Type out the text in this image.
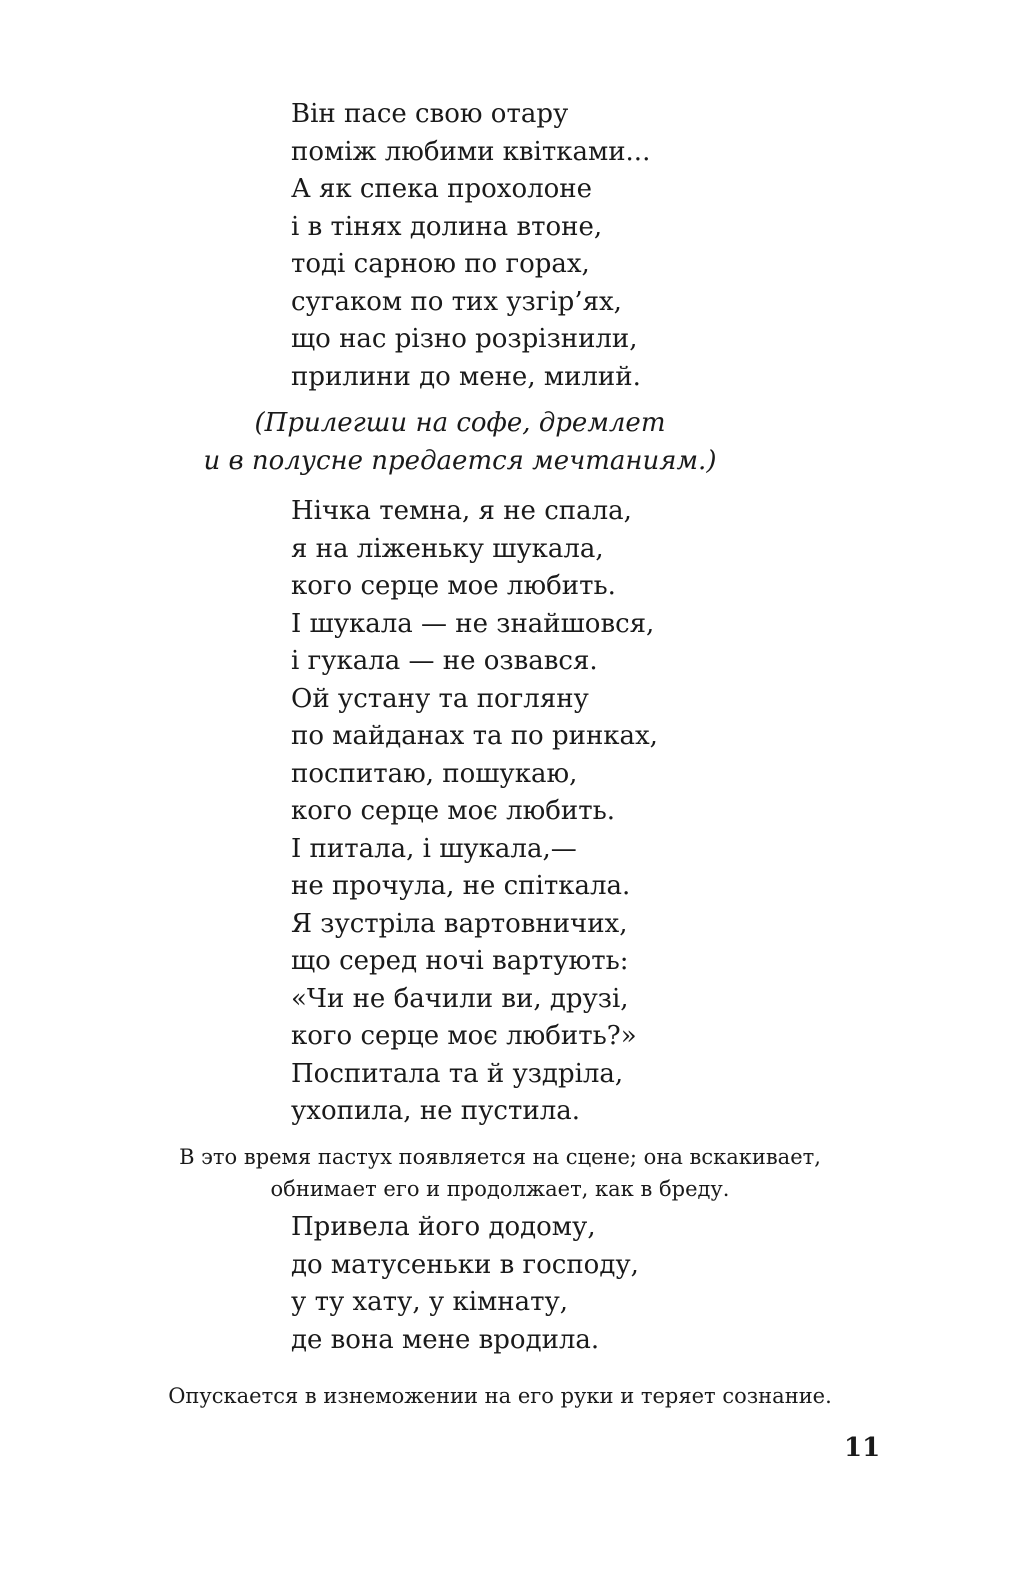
Він пасе свою отару
поміж любими квітками...
А як спека прохолоне
і в тінях долина втоне,
тоді сарною по горах,
сугаком по тих узгір’ях,
що нас різно розрізнили,
прилини до мене, милий.
(Прилегши на софе, дремлет
и в полусне предается мечтаниям.)
Нічка темна, я не спала,
я на ліженьку шукала,
кого серце мое любить.
І шукала — не знайшовся,
і гукала — не озвався.
Ой устану та погляну
по майданах та по ринках,
поспитаю, пошукаю,
кого серце моє любить.
І питала, і шукала,—
не прочула, не спіткала.
Я зустріла вартовничих,
що серед ночі вартують:
«Чи не бачили ви, друзі,
кого серце моє любить?»
Поспитала та й уздріла,
ухопила, не пустила.
В это время пастух появляется на сцене; она вскакивает,
обнимает его и продолжает, как в бреду.
Привела його додому,
до матусеньки в господу,
у ту хату, у кімнату,
де вона мене вродила.
Опускается в изнеможении на его руки и теряет сознание.
11
